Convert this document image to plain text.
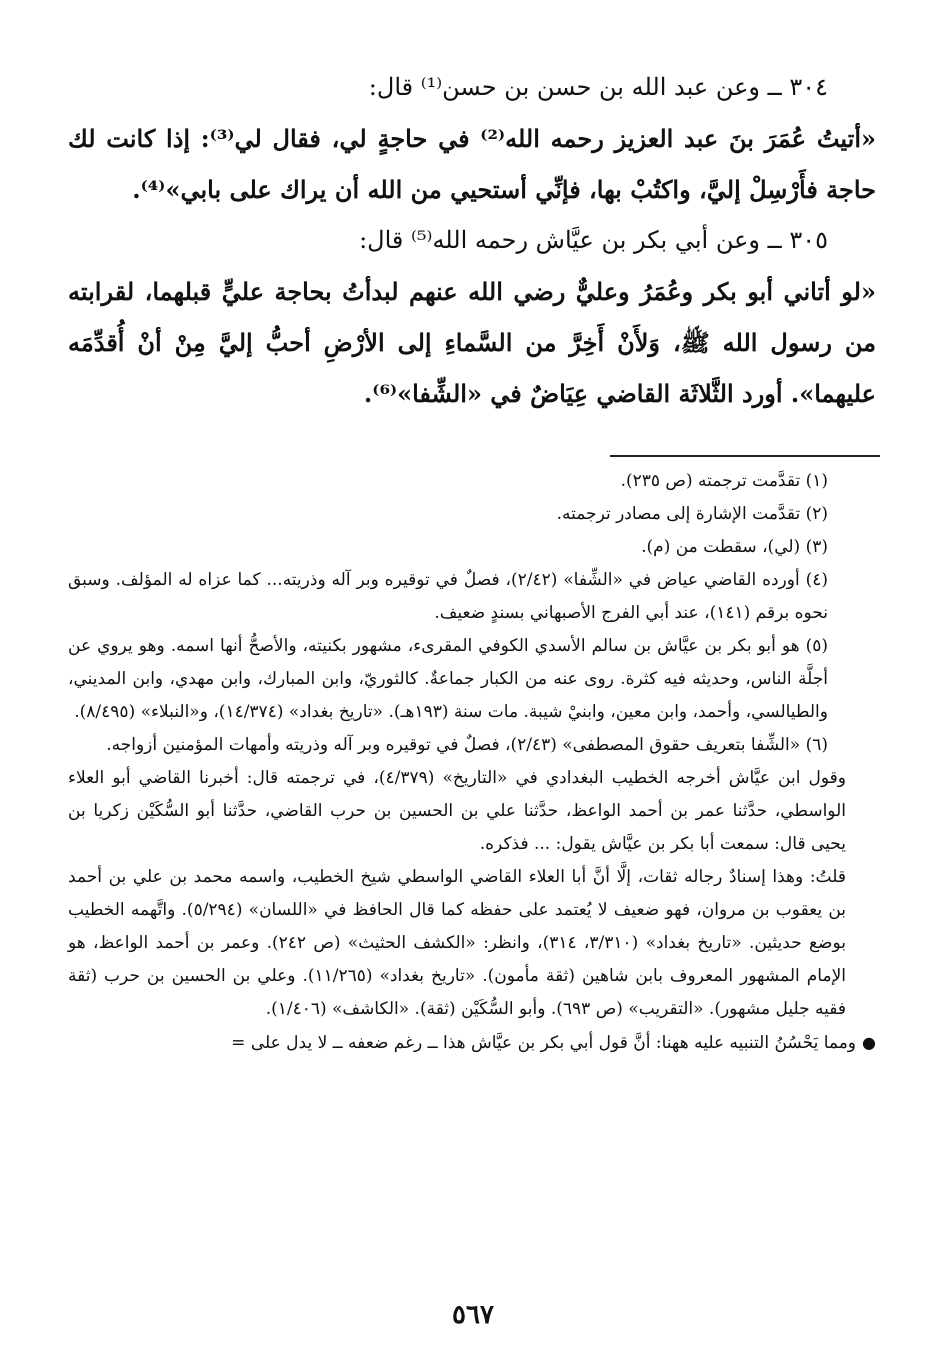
٣٠٤ ــ وعن عبد الله بن حسن بن حسن⁽¹⁾ قال:

«أتيتُ عُمَرَ بنَ عبد العزيز رحمه الله⁽²⁾ في حاجةٍ لي، فقال لي⁽³⁾: إذا كانت لك حاجة فأَرْسِلْ إليَّ، واكتُبْ بها، فإنِّي أستحيي من الله أن يراك على بابي»⁽⁴⁾.

٣٠٥ ــ وعن أبي بكر بن عيَّاش رحمه الله⁽⁵⁾ قال:

«لو أتاني أبو بكر وعُمَرُ وعليٌّ رضي الله عنهم لبدأتُ بحاجة عليٍّ قبلهما، لقرابته من رسول الله ﷺ، وَلأَنْ أَخِرَّ من السَّماءِ إلى الأرْضِ أحبُّ إليَّ مِنْ أنْ أُقدِّمَه عليهما». أورد الثَّلاثَة القاضي عِيَاضٌ في «الشِّفا»⁽⁶⁾.

(١) تقدَّمت ترجمته (ص ٢٣٥).

(٢) تقدَّمت الإشارة إلى مصادر ترجمته.

(٣) (لي)، سقطت من (م).

(٤) أورده القاضي عياض في «الشِّفا» (٢/٤٢)، فصلٌ في توقيره وبر آله وذريته... كما عزاه له المؤلف. وسبق نحوه برقم (١٤١)، عند أبي الفرج الأصبهاني بسندٍ ضعيف.

(٥) هو أبو بكر بن عيَّاش بن سالم الأسدي الكوفي المقرىء، مشهور بكنيته، والأصحُّ أنها اسمه. وهو يروي عن أجلَّة الناس، وحديثه فيه كثرة. روى عنه من الكبار جماعةٌ. كالثوريّ، وابن المبارك، وابن مهدي، وابن المديني، والطيالسي، وأحمد، وابن معين، وابنيْ شيبة. مات سنة (١٩٣هـ). «تاريخ بغداد» (١٤/٣٧٤)، و«النبلاء» (٨/٤٩٥).

(٦) «الشِّفا بتعريف حقوق المصطفى» (٢/٤٣)، فصلٌ في توقيره وبر آله وذريته وأمهات المؤمنين أزواجه.

وقول ابن عيَّاش أخرجه الخطيب البغدادي في «التاريخ» (٤/٣٧٩)، في ترجمته قال: أخبرنا القاضي أبو العلاء الواسطي، حدَّثنا عمر بن أحمد الواعظ، حدَّثنا علي بن الحسين بن حرب القاضي، حدَّثنا أبو السُّكَيْن زكريا بن يحيى قال: سمعت أبا بكر بن عيَّاش يقول: ... فذكره.

قلتُ: وهذا إسنادٌ رجاله ثقات، إلَّا أنَّ أبا العلاء القاضي الواسطي شيخ الخطيب، واسمه محمد بن علي بن أحمد بن يعقوب بن مروان، فهو ضعيف لا يُعتمد على حفظه كما قال الحافظ في «اللسان» (٥/٢٩٤). واتَّهمه الخطيب بوضع حديثين. «تاريخ بغداد» (٣/٣١٠، ٣١٤)، وانظر: «الكشف الحثيث» (ص ٢٤٢). وعمر بن أحمد الواعظ، هو الإمام المشهور المعروف بابن شاهين (ثقة مأمون). «تاريخ بغداد» (١١/٢٦٥). وعلي بن الحسين بن حرب (ثقة فقيه جليل مشهور). «التقريب» (ص ٦٩٣). وأبو السُّكَيْن (ثقة). «الكاشف» (١/٤٠٦).

●ومما يَحْسُنُ التنبيه عليه ههنا: أنَّ قول أبي بكر بن عيَّاش هذا ــ رغم ضعفه ــ لا يدل على =

٥٦٧
